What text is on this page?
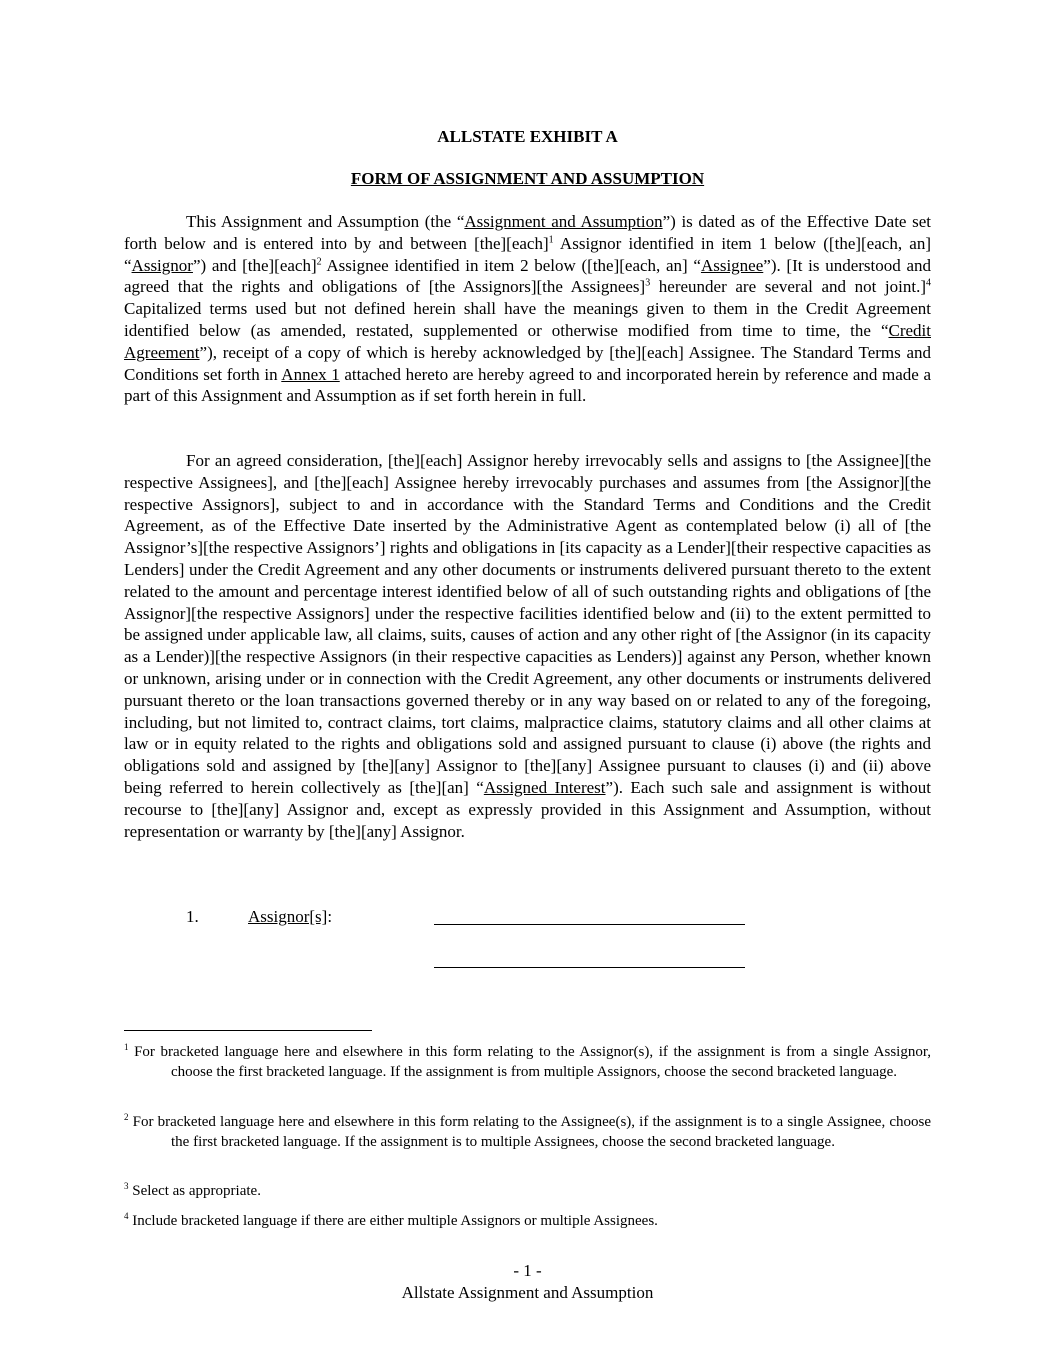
ALLSTATE EXHIBIT A
FORM OF ASSIGNMENT AND ASSUMPTION
This Assignment and Assumption (the “Assignment and Assumption”) is dated as of the Effective Date set forth below and is entered into by and between [the][each]$^1$ Assignor identified in item 1 below ([the][each, an] “Assignor”) and [the][each]$^2$ Assignee identified in item 2 below ([the][each, an] “Assignee”). [It is understood and agreed that the rights and obligations of [the Assignors][the Assignees]$^3$ hereunder are several and not joint.]$^4$ Capitalized terms used but not defined herein shall have the meanings given to them in the Credit Agreement identified below (as amended, restated, supplemented or otherwise modified from time to time, the “Credit Agreement”), receipt of a copy of which is hereby acknowledged by [the][each] Assignee. The Standard Terms and Conditions set forth in Annex 1 attached hereto are hereby agreed to and incorporated herein by reference and made a part of this Assignment and Assumption as if set forth herein in full.
For an agreed consideration, [the][each] Assignor hereby irrevocably sells and assigns to [the Assignee][the respective Assignees], and [the][each] Assignee hereby irrevocably purchases and assumes from [the Assignor][the respective Assignors], subject to and in accordance with the Standard Terms and Conditions and the Credit Agreement, as of the Effective Date inserted by the Administrative Agent as contemplated below (i) all of [the Assignor’s][the respective Assignors’] rights and obligations in [its capacity as a Lender][their respective capacities as Lenders] under the Credit Agreement and any other documents or instruments delivered pursuant thereto to the extent related to the amount and percentage interest identified below of all of such outstanding rights and obligations of [the Assignor][the respective Assignors] under the respective facilities identified below and (ii) to the extent permitted to be assigned under applicable law, all claims, suits, causes of action and any other right of [the Assignor (in its capacity as a Lender)][the respective Assignors (in their respective capacities as Lenders)] against any Person, whether known or unknown, arising under or in connection with the Credit Agreement, any other documents or instruments delivered pursuant thereto or the loan transactions governed thereby or in any way based on or related to any of the foregoing, including, but not limited to, contract claims, tort claims, malpractice claims, statutory claims and all other claims at law or in equity related to the rights and obligations sold and assigned pursuant to clause (i) above (the rights and obligations sold and assigned by [the][any] Assignor to [the][any] Assignee pursuant to clauses (i) and (ii) above being referred to herein collectively as [the][an] “Assigned Interest”). Each such sale and assignment is without recourse to [the][any] Assignor and, except as expressly provided in this Assignment and Assumption, without representation or warranty by [the][any] Assignor.
1.	Assignor[s]:
$^1$ For bracketed language here and elsewhere in this form relating to the Assignor(s), if the assignment is from a single Assignor, choose the first bracketed language. If the assignment is from multiple Assignors, choose the second bracketed language.
$^2$ For bracketed language here and elsewhere in this form relating to the Assignee(s), if the assignment is to a single Assignee, choose the first bracketed language. If the assignment is to multiple Assignees, choose the second bracketed language.
$^3$ Select as appropriate.
$^4$ Include bracketed language if there are either multiple Assignors or multiple Assignees.
- 1 -
Allstate Assignment and Assumption
